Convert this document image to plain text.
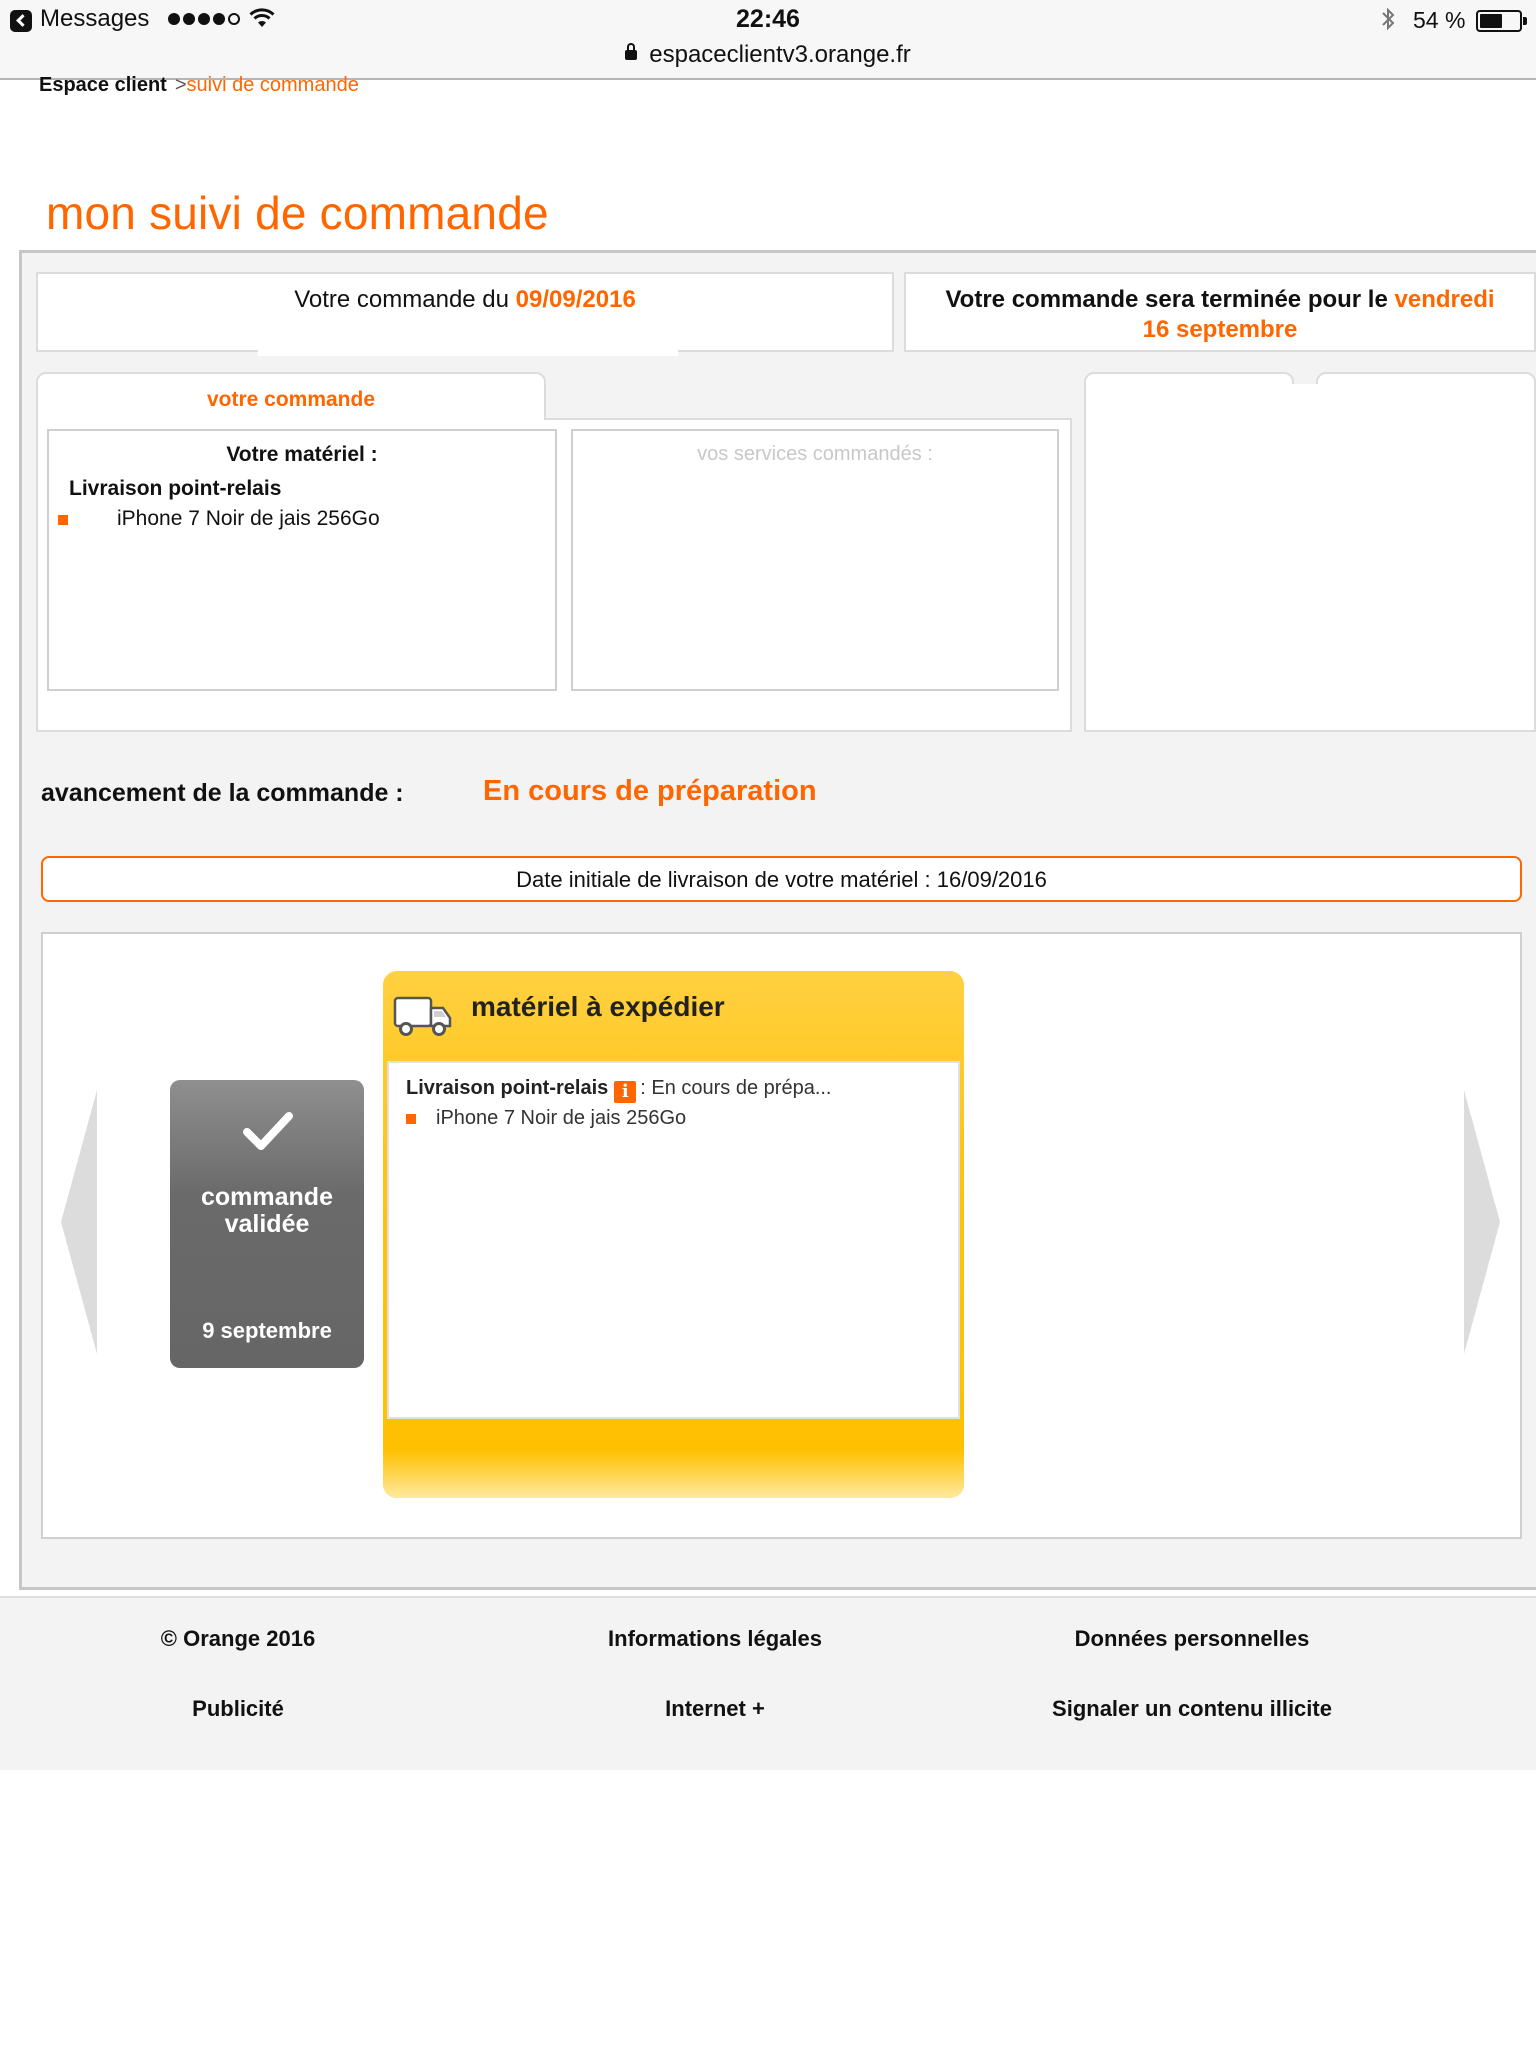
Messages	22:46	54 %
espaceclientv3.orange.fr
Espace client >suivi de commande
mon suivi de commande
Votre commande du 09/09/2016	Votre commande sera terminée pour le vendredi
16 septembre
votre commande
Votre matériel :
Livraison point-relais
iPhone 7 Noir de jais 256Go
vos services commandés :
avancement de la commande :	En cours de préparation
Date initiale de livraison de votre matériel : 16/09/2016
commande validée
9 septembre
matériel à expédier
Livraison point-relais i : En cours de prépa...
iPhone 7 Noir de jais 256Go
© Orange 2016	Informations légales	Données personnelles
Publicité	Internet +	Signaler un contenu illicite
